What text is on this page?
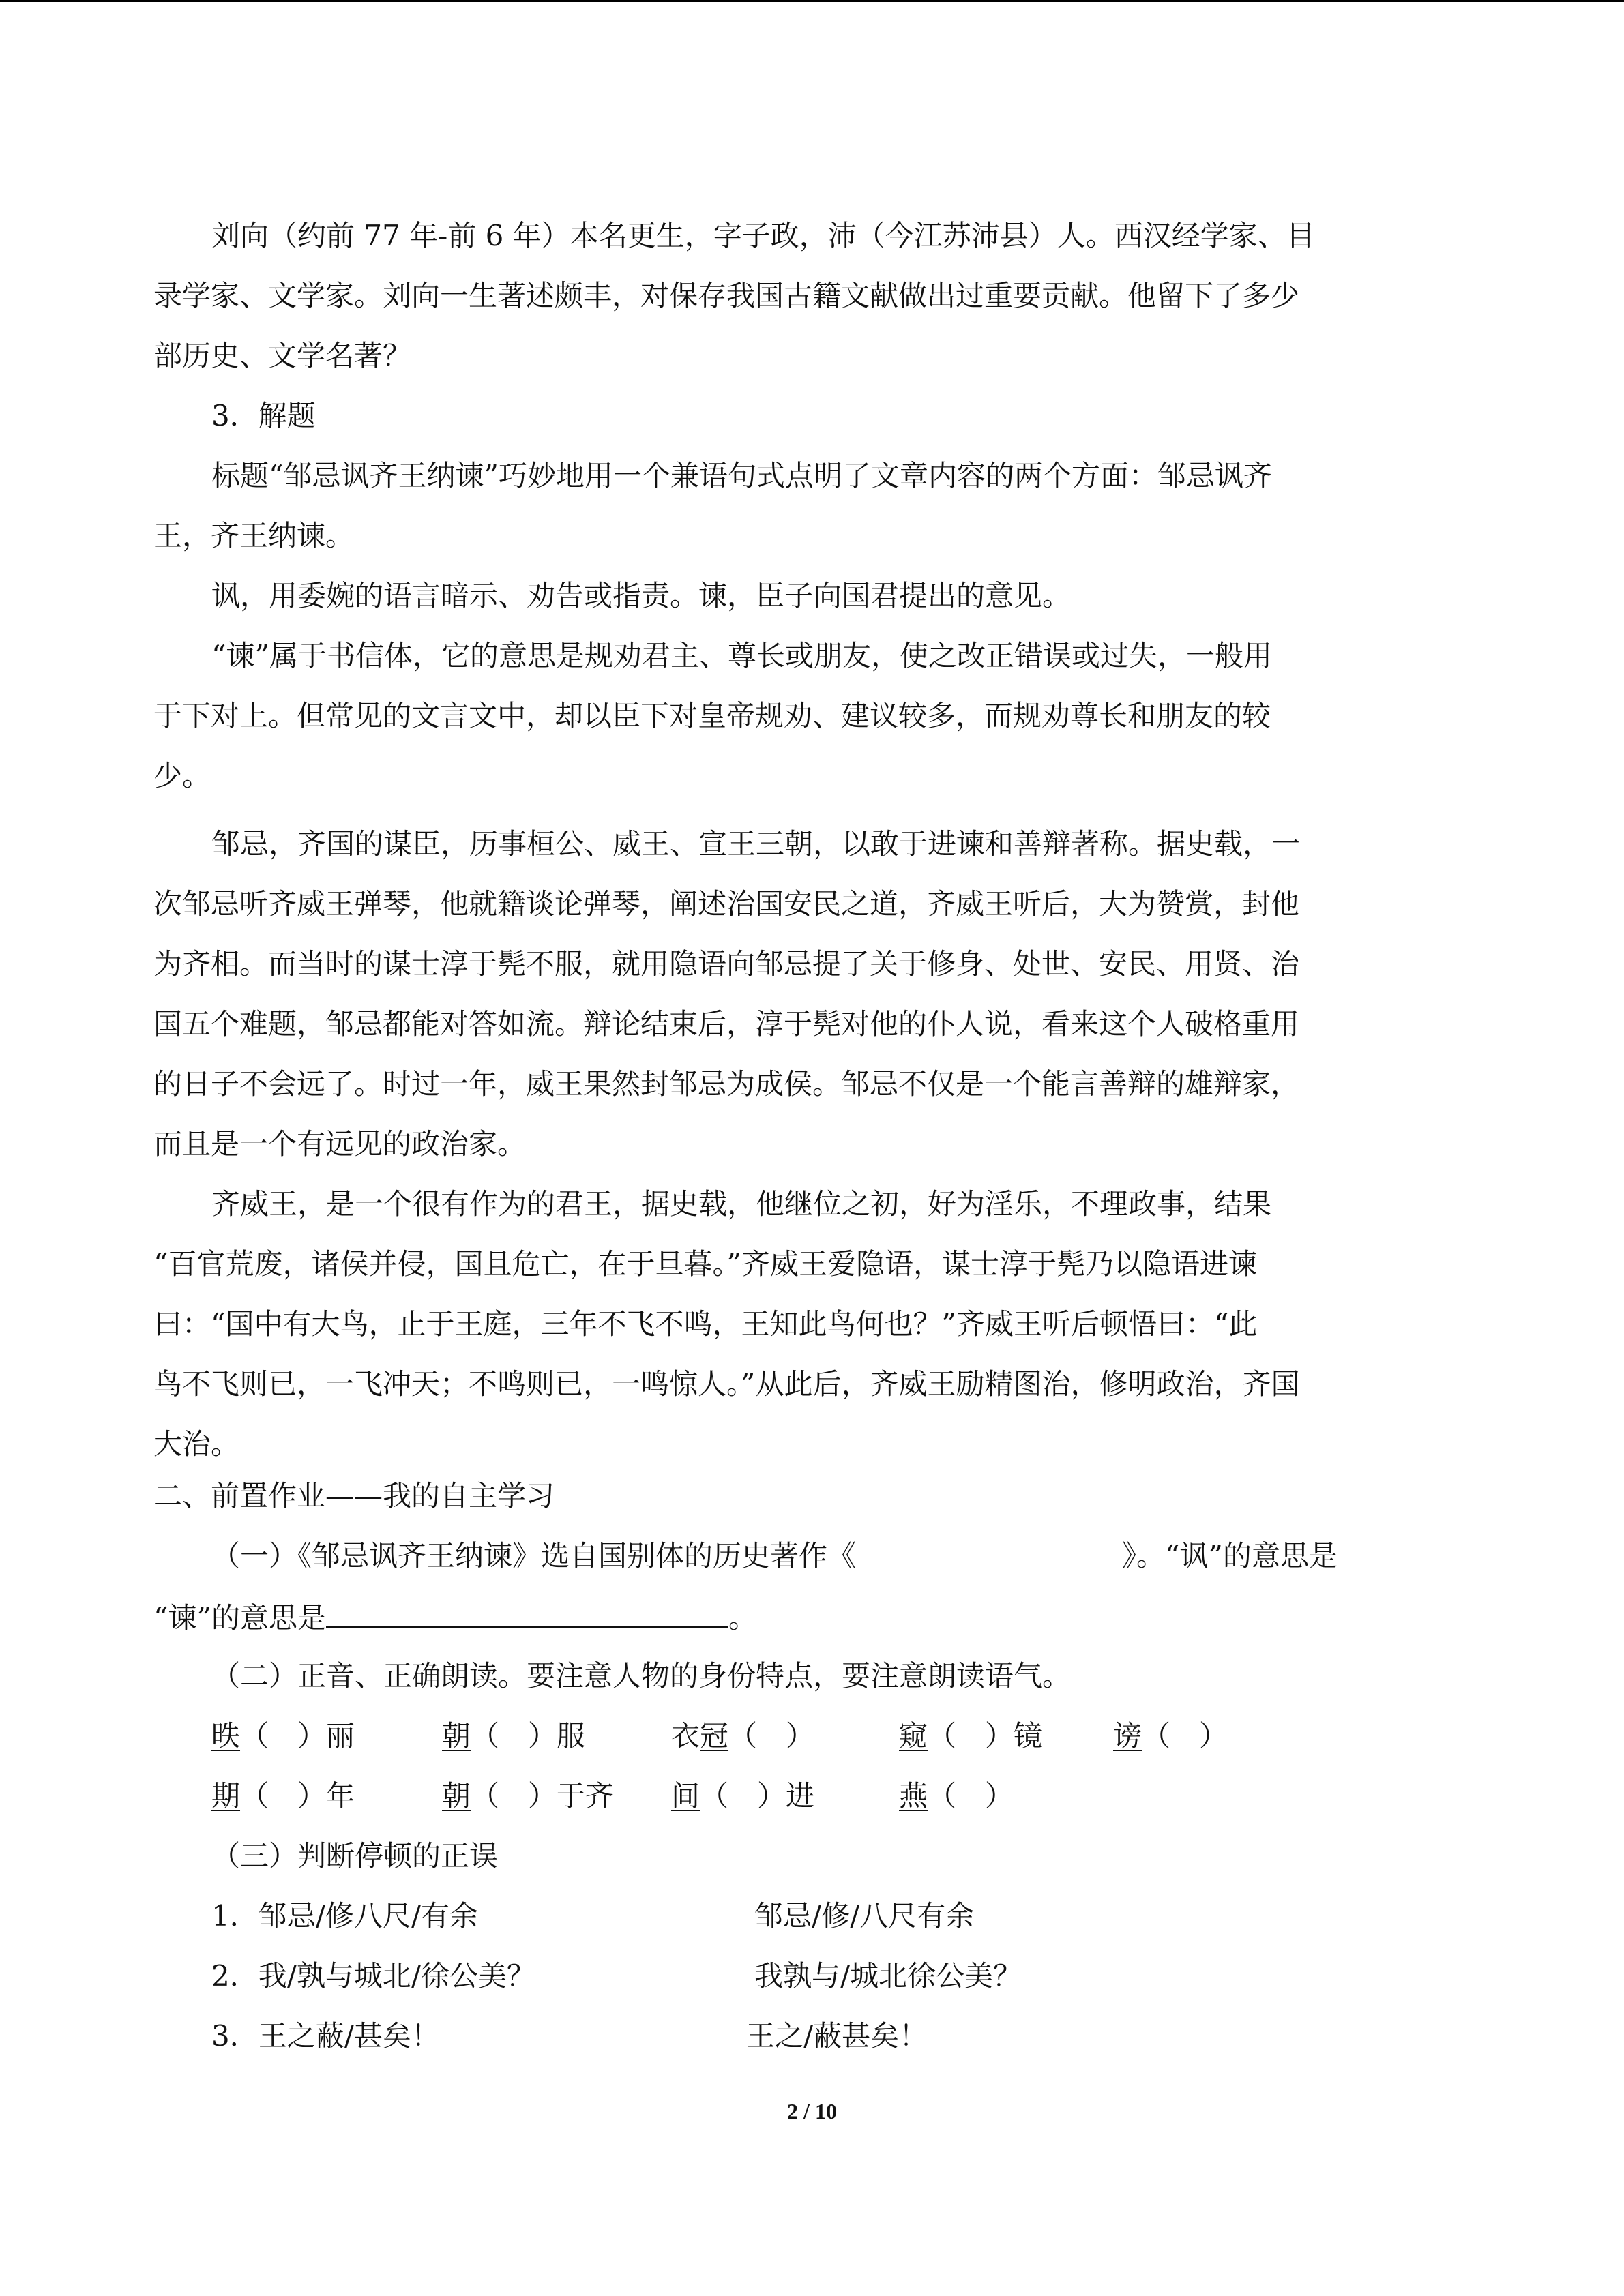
刘向（约前 77 年-前 6 年）本名更生，字子政，沛（今江苏沛县）人。西汉经学家、目
录学家、文学家。刘向一生著述颇丰，对保存我国古籍文献做出过重要贡献。他留下了多少
部历史、文学名著？
3．解题
标题“邹忌讽齐王纳谏”巧妙地用一个兼语句式点明了文章内容的两个方面：邹忌讽齐
王，齐王纳谏。
讽，用委婉的语言暗示、劝告或指责。谏，臣子向国君提出的意见。
“谏”属于书信体，它的意思是规劝君主、尊长或朋友，使之改正错误或过失，一般用
于下对上。但常见的文言文中，却以臣下对皇帝规劝、建议较多，而规劝尊长和朋友的较
少。
邹忌，齐国的谋臣，历事桓公、威王、宣王三朝，以敢于进谏和善辩著称。据史载，一
次邹忌听齐威王弹琴，他就籍谈论弹琴，阐述治国安民之道，齐威王听后，大为赞赏，封他
为齐相。而当时的谋士淳于髡不服，就用隐语向邹忌提了关于修身、处世、安民、用贤、治
国五个难题，邹忌都能对答如流。辩论结束后，淳于髡对他的仆人说，看来这个人破格重用
的日子不会远了。时过一年，威王果然封邹忌为成侯。邹忌不仅是一个能言善辩的雄辩家，
而且是一个有远见的政治家。
齐威王，是一个很有作为的君王，据史载，他继位之初，好为淫乐，不理政事，结果
“百官荒废，诸侯并侵，国且危亡，在于旦暮。”齐威王爱隐语，谋士淳于髡乃以隐语进谏
曰：“国中有大鸟，止于王庭，三年不飞不鸣，王知此鸟何也？”齐威王听后顿悟曰：“此
鸟不飞则已，一飞冲天；不鸣则已，一鸣惊人。”从此后，齐威王励精图治，修明政治，齐国
大治。
二、前置作业——我的自主学习
（一）《邹忌讽齐王纳谏》选自国别体的历史著作《	》。“讽”的意思是
“谏”的意思是	。
（二）正音、正确朗读。要注意人物的身份特点，要注意朗读语气。
昳（　）丽	朝（　）服	衣冠（　）	窥（　）镜 谤（　）
期（　）年	朝（　）于齐 间（　）进	燕（　）
（三）判断停顿的正误
1．邹忌/修八尺/有余	邹忌/修/八尺有余
2．我/孰与城北/徐公美？	我孰与/城北徐公美？
3．王之蔽/甚矣！	王之/蔽甚矣！
2 / 10
